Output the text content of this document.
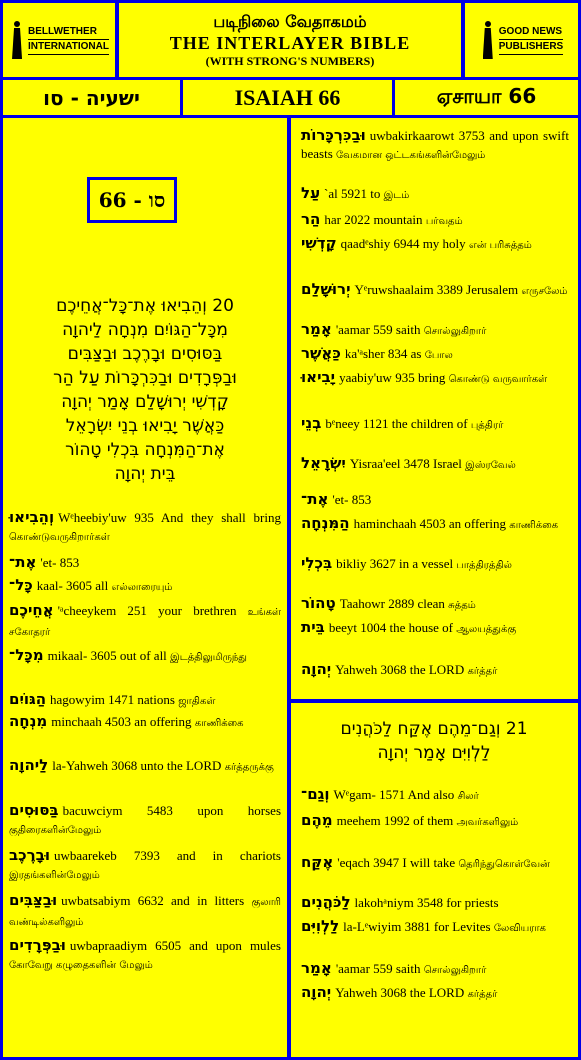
BELLWETHER
INTERNATIONAL
படிநிலை வேதாகமம்
THE INTERLAYER BIBLE
(WITH STRONG'S NUMBERS)
GOOD NEWS
PUBLISHERS
ישעיה - סו	ISAIAH 66	ஏசாயா 66
סו - 66
20 וְהֵבִיאוּ אֶת־כָּל־אֲחֵיכֶם
מִכָּל־הַגּוֹיִם מִנְחָה לַיהוָה
בַּסּוּסִים וּבָרֶכֶב וּבַצַּבִּים
וּבַפְּרָדִים וּבַכִּרְכָּרוֹת עַל הַר
קָדְשִׁי יְרוּשָׁלַם אָמַר יְהוָה
כַּאֲשֶׁר יָבִיאוּ בְנֵי יִשְׂרָאֵל
אֶת־הַמִּנְחָה בִּכְלִי טָהוֹר
בֵּית יְהוָה
וְהֵבִיאוּ Wᵉheebiy'uw 935 And they shall bring கொண்டுவருகிறார்கள்
אֶת־ 'et- 853
כָּל־ kaal- 3605 all எல்லாரையும்
אֲחֵיכֶם 'ᵃcheeykem 251 your brethren உங்கள் சகோதரர்
מִכָּל־ mikaal- 3605 out of all இடத்திலுமிருந்து
הַגּוֹיִם hagowyim 1471 nations ஜாதிகள்
מִנְחָה minchaah 4503 an offering காணிக்கை
לַיהוָה la-Yahweh 3068 unto the LORD கர்த்தருக்கு
בַּסּוּסִים bacuwciym 5483 upon horses குதிரைகளின்மேலும்
וּבָרֶכֶב uwbaarekeb 7393 and in chariots இரதங்களின்மேலும்
וּבַצַּבִּים uwbatsabiym 6632 and in litters குலாரி வண்டில்களிலும்
וּבַפְּרָדִים uwbapraadiym 6505 and upon mules கோவேறு கழுதைகளின் மேலும்
וּבַכִּרְכָּרוֹת uwbakirkaarowt 3753 and upon swift beasts வேகமான ஒட்டகங்களின்மேலும்
עַל `al 5921 to இடம்
הַר har 2022 mountain பர்வதம்
קָדְשִׁי qaadᵉshiy 6944 my holy என் பரிசுத்தம்
יְרוּשָׁלַם Yᵉruwshaalaim 3389 Jerusalem எருசலேம்
אָמַר 'aamar 559 saith சொல்லுகிறார்
כַּאֲשֶׁר ka'ᵃsher 834 as போல
יָבִיאוּ yaabiy'uw 935 bring கொண்டு வருவார்கள்
בְנֵי bᵉneey 1121 the children of புத்திரர்
יִשְׂרָאֵל Yisraa'eel 3478 Israel இஸ்ரவேல்
אֶת־ 'et- 853
הַמִּנְחָה haminchaah 4503 an offering காணிக்கை
בִּכְלִי bikliy 3627 in a vessel பாத்திரத்தில்
טָהוֹר Taahowr 2889 clean சுத்தம்
בֵּית beeyt 1004 the house of ஆலயத்துக்கு
יְהוָה Yahweh 3068 the LORD கர்த்தர்
21 וְגַם־מֵהֶם אֶקַּח לַכֹּהֲנִים
לַלְוִיִּם אָמַר יְהוָה
וְגַם־ Wᵉgam- 1571 And also சிலர்
מֵהֶם meehem 1992 of them அவர்களிலும்
אֶקַּח 'eqach 3947 I will take தெரிந்துகொள்வேன்
לַכֹּהֲנִים lakohᵃniym 3548 for priests
לַלְוִיִּם la-Lᵉwiyim 3881 for Levites லேவியராக
אָמַר 'aamar 559 saith சொல்லுகிறார்
יְהוָה Yahweh 3068 the LORD கர்த்தர்
